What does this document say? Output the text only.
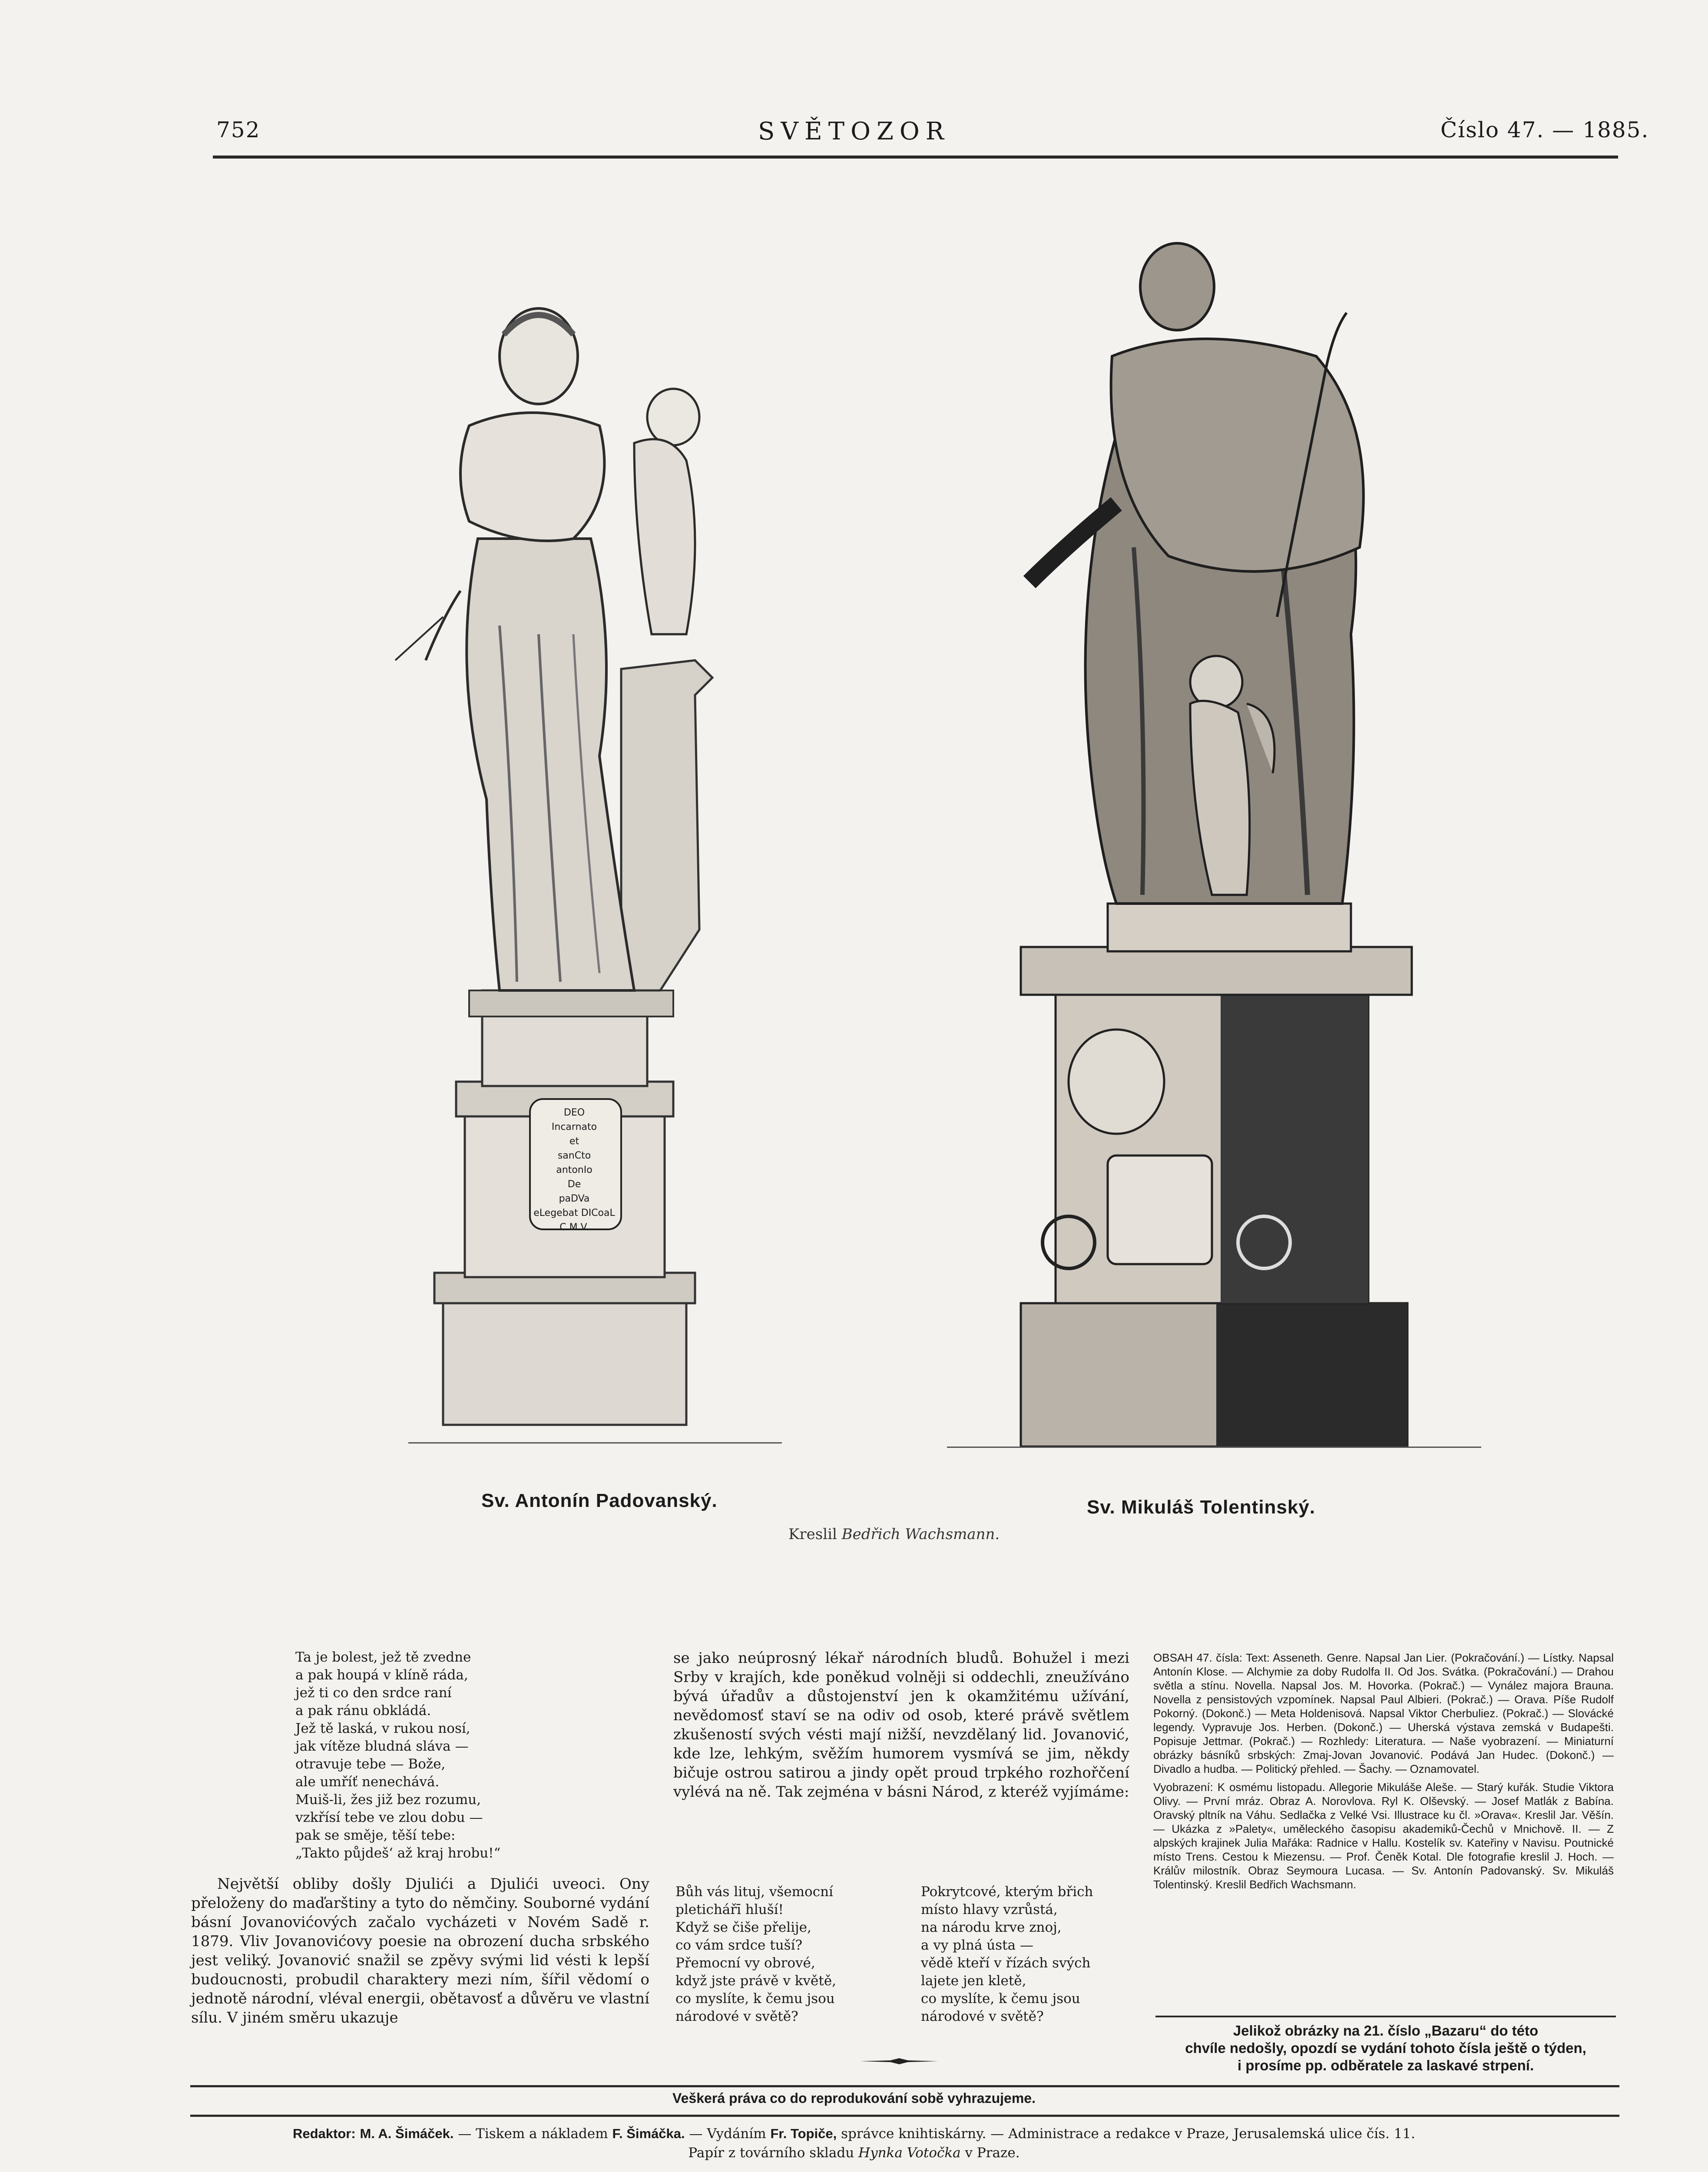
752	SVĚTOZOR	Číslo 47. — 1885.
DEO
Incarnato
et
sanCto
antonIo
De
paDVa
eLegebat DICoaL
C.M.V.
Sv. Antonín Padovanský.	Sv. Mikuláš Tolentinský.
Kreslil Bedřich Wachsmann.
Ta je bolest, jež tě zvedne
a pak houpá v klíně ráda,
jež ti co den srdce raní
a pak ránu obkládá.
Jež tě laská, v rukou nosí,
jak vítěze bludná sláva —
otravuje tebe — Bože,
ale umříť nenechává.
Muiš-li, žes již bez rozumu,
vzkřísí tebe ve zlou dobu —
pak se směje, těší tebe:
„Takto půjdeš‘ až kraj hrobu!“
Největší obliby došly Djulići a Djulići uveoci. Ony přeloženy do maďarštiny a tyto do němčiny. Souborné vydání básní Jovanovićových začalo vycházeti v Novém Sadě r. 1879. Vliv Jovanovićovy poesie na obrození ducha srbského jest veliký. Jovanović snažil se zpěvy svými lid vésti k lepší budoucnosti, probudil charaktery mezi ním, šířil vědomí o jednotě národní, vléval energii, obětavosť a důvěru ve vlastní sílu. V jiném směru ukazuje
se jako neúprosný lékař národních bludů. Bohužel i mezi Srby v krajích, kde poněkud volněji si oddechli, zneužíváno bývá úřadův a důstojenství jen k okamžitému užívání, nevědomosť staví se na odiv od osob, které právě světlem zkušeností svých vésti mají nižší, nevzdělaný lid. Jovanović, kde lze, lehkým, svěžím humorem vysmívá se jim, někdy bičuje ostrou satirou a jindy opět proud trpkého rozhořčení vylévá na ně. Tak zejména v básni Národ, z kteréž vyjímáme:
Bůh vás lituj, všemocní
pletichářī hluší!
Když se čiše přelije,
co vám srdce tuší?
Přemocní vy obrové,
když jste právě v květě,
co myslíte, k čemu jsou
národové v světě?
Pokrytcové, kterým břich
místo hlavy vzrůstá,
na národu krve znoj,
a vy plná ústa —
vědě kteří v řízách svých
lajete jen kletě,
co myslíte, k čemu jsou
národové v světě?

OBSAH 47. čísla: Text: Asseneth. Genre. Napsal Jan Lier. (Pokračování.) — Lístky. Napsal Antonín Klose. — Alchymie za doby Rudolfa II. Od Jos. Svátka. (Pokračování.) — Drahou světla a stínu. Novella. Napsal Jos. M. Hovorka. (Pokrač.) — Vynález majora Brauna. Novella z pensistových vzpomínek. Napsal Paul Albieri. (Pokrač.) — Orava. Píše Rudolf Pokorný. (Dokonč.) — Meta Holdenisová. Napsal Viktor Cherbuliez. (Pokrač.) — Slovácké legendy. Vypravuje Jos. Herben. (Dokonč.) — Uherská výstava zemská v Budapešti. Popisuje Jettmar. (Pokrač.) — Rozhledy: Literatura. — Naše vyobrazení. — Miniaturní obrázky básníků srbských: Zmaj-Jovan Jovanović. Podává Jan Hudec. (Dokonč.) — Divadlo a hudba. — Politický přehled. — Šachy. — Oznamovatel.

Vyobrazení: K osmému listopadu. Allegorie Mikuláše Aleše. — Starý kuřák. Studie Viktora Olivy. — První mráz. Obraz A. Norovlova. Ryl K. Olševský. — Josef Matlák z Babína. Oravský pltník na Váhu. Sedlačka z Velké Vsi. Illustrace ku čl. »Orava«. Kreslil Jar. Věšín. — Ukázka z »Palety«, uměleckého časopisu akademiků-Čechů v Mnichově. II. — Z alpských krajinek Julia Mařáka: Radnice v Hallu. Kostelík sv. Kateřiny v Navisu. Poutnické místo Trens. Cestou k Miezensu. — Prof. Čeněk Kotal. Dle fotografie kreslil J. Hoch. — Králův milostník. Obraz Seymoura Lucasa. — Sv. Antonín Padovanský. Sv. Mikuláš Tolentinský. Kreslil Bedřich Wachsmann.

Jelikož obrázky na 21. číslo „Bazaru“ do této
chvíle nedošly, opozdí se vydání tohoto čísla ještě o týden,
i prosíme pp. odběratele za laskavé strpení.
Veškerá práva co do reprodukování sobě vyhrazujeme.
Redaktor: M. A. Šimáček. — Tiskem a nákladem F. Šimáčka. — Vydáním Fr. Topiče, správce knihtiskárny. — Administrace a redakce v Praze, Jerusalemská ulice čís. 11.
Papír z továrního skladu Hynka Votočka v Praze.
